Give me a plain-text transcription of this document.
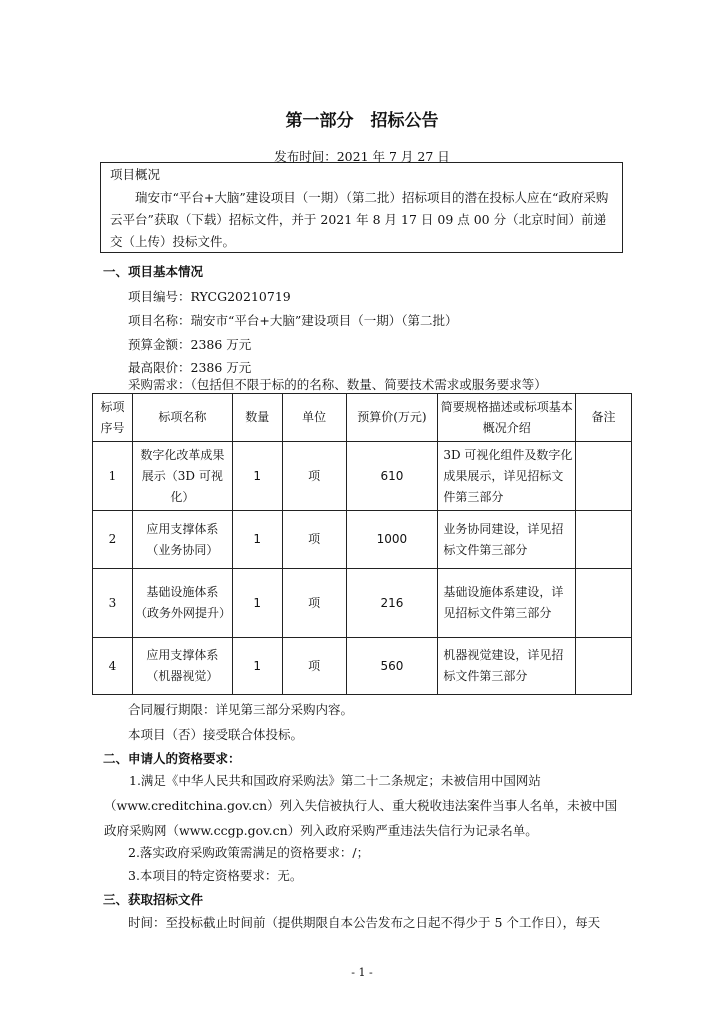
第一部分　招标公告
发布时间：2021 年 7 月 27 日
项目概况
瑞安市“平台+大脑”建设项目（一期）（第二批）招标项目的潜在投标人应在“政府采购云平台”获取（下载）招标文件，并于 2021 年 8 月 17 日 09 点 00 分（北京时间）前递交（上传）投标文件。
一、项目基本情况
项目编号：RYCG20210719
项目名称：瑞安市“平台+大脑”建设项目（一期）（第二批）
预算金额：2386 万元
最高限价：2386 万元
采购需求：（包括但不限于标的的名称、数量、简要技术需求或服务要求等）
标项序号	标项名称	数量	单位	预算价(万元)	简要规格描述或标项基本概况介绍	备注
1	数字化改革成果展示（3D 可视化）	1	项	610	3D 可视化组件及数字化成果展示，详见招标文件第三部分	
2	应用支撑体系（业务协同）	1	项	1000	业务协同建设，详见招标文件第三部分	
3	基础设施体系（政务外网提升）	1	项	216	基础设施体系建设，详见招标文件第三部分	
4	应用支撑体系（机器视觉）	1	项	560	机器视觉建设，详见招标文件第三部分	
合同履行期限：详见第三部分采购内容。
本项目（否）接受联合体投标。
二、申请人的资格要求：
1.满足《中华人民共和国政府采购法》第二十二条规定；未被信用中国网站（www.creditchina.gov.cn）列入失信被执行人、重大税收违法案件当事人名单，未被中国政府采购网（www.ccgp.gov.cn）列入政府采购严重违法失信行为记录名单。
2.落实政府采购政策需满足的资格要求：/；
3.本项目的特定资格要求：无。
三、获取招标文件
时间：至投标截止时间前（提供期限自本公告发布之日起不得少于 5 个工作日），每天
- 1 -
